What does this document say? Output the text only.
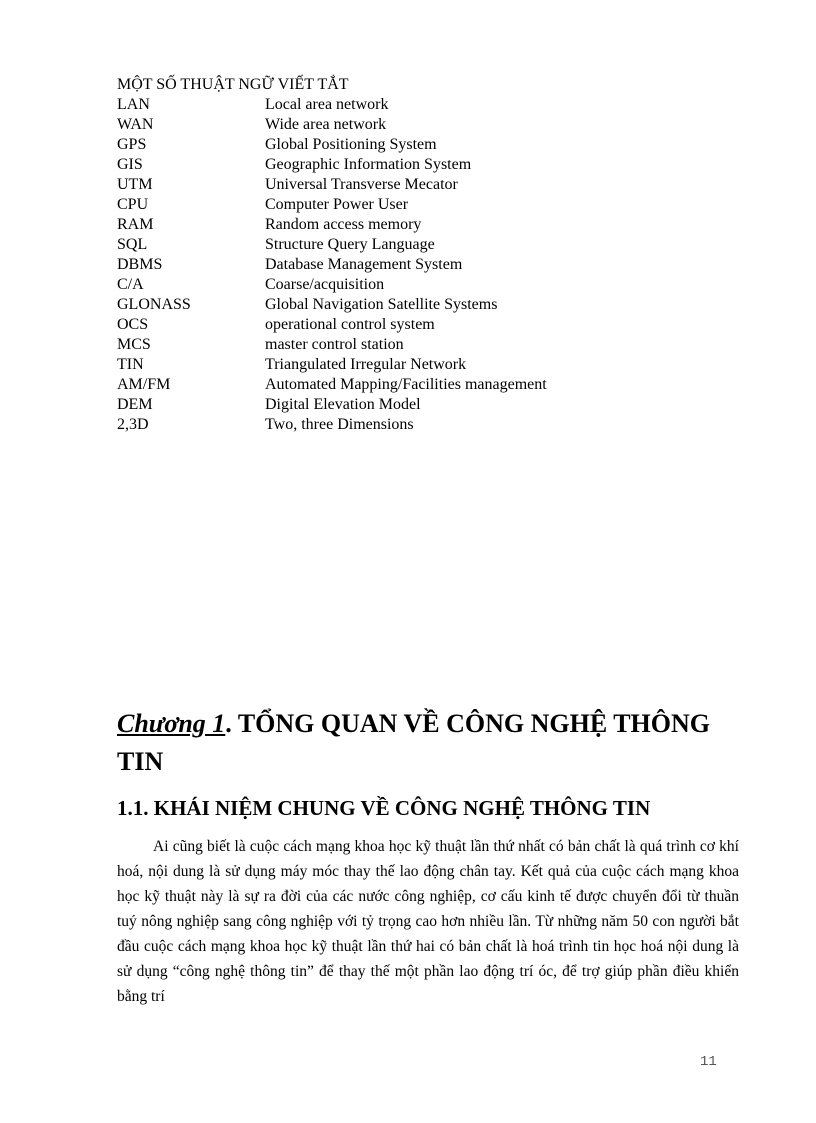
MỘT SỐ THUẬT NGỮ VIẾT TẮT

LAN	Local area network
WAN	Wide area network
GPS	Global Positioning System
GIS	Geographic Information System
UTM	Universal Transverse Mecator
CPU	Computer Power User
RAM	Random access memory
SQL	Structure Query Language
DBMS	Database Management System
C/A	Coarse/acquisition
GLONASS	Global Navigation Satellite Systems
OCS	operational control system
MCS	master control station
TIN	Triangulated Irregular Network
AM/FM	Automated Mapping/Facilities management
DEM	Digital Elevation Model
2,3D	Two, three Dimensions
Chương 1. TỔNG QUAN VỀ CÔNG NGHỆ THÔNG TIN
1.1. KHÁI NIỆM CHUNG VỀ CÔNG NGHỆ THÔNG TIN

Ai cũng biết là cuộc cách mạng khoa học kỹ thuật lần thứ nhất có bản chất là quá trình cơ khí hoá, nội dung là sử dụng máy móc thay thế lao động chân tay. Kết quả của cuộc cách mạng khoa học kỹ thuật này là sự ra đời của các nước công nghiệp, cơ cấu kinh tế được chuyển đổi từ thuần tuý nông nghiệp sang công nghiệp với tỷ trọng cao hơn nhiều lần. Từ những năm 50 con người bắt đầu cuộc cách mạng khoa học kỹ thuật lần thứ hai có bản chất là hoá trình tin học hoá nội dung là sử dụng “công nghệ thông tin” để thay thế một phần lao động trí óc, để trợ giúp phần điều khiển bằng trí

11
